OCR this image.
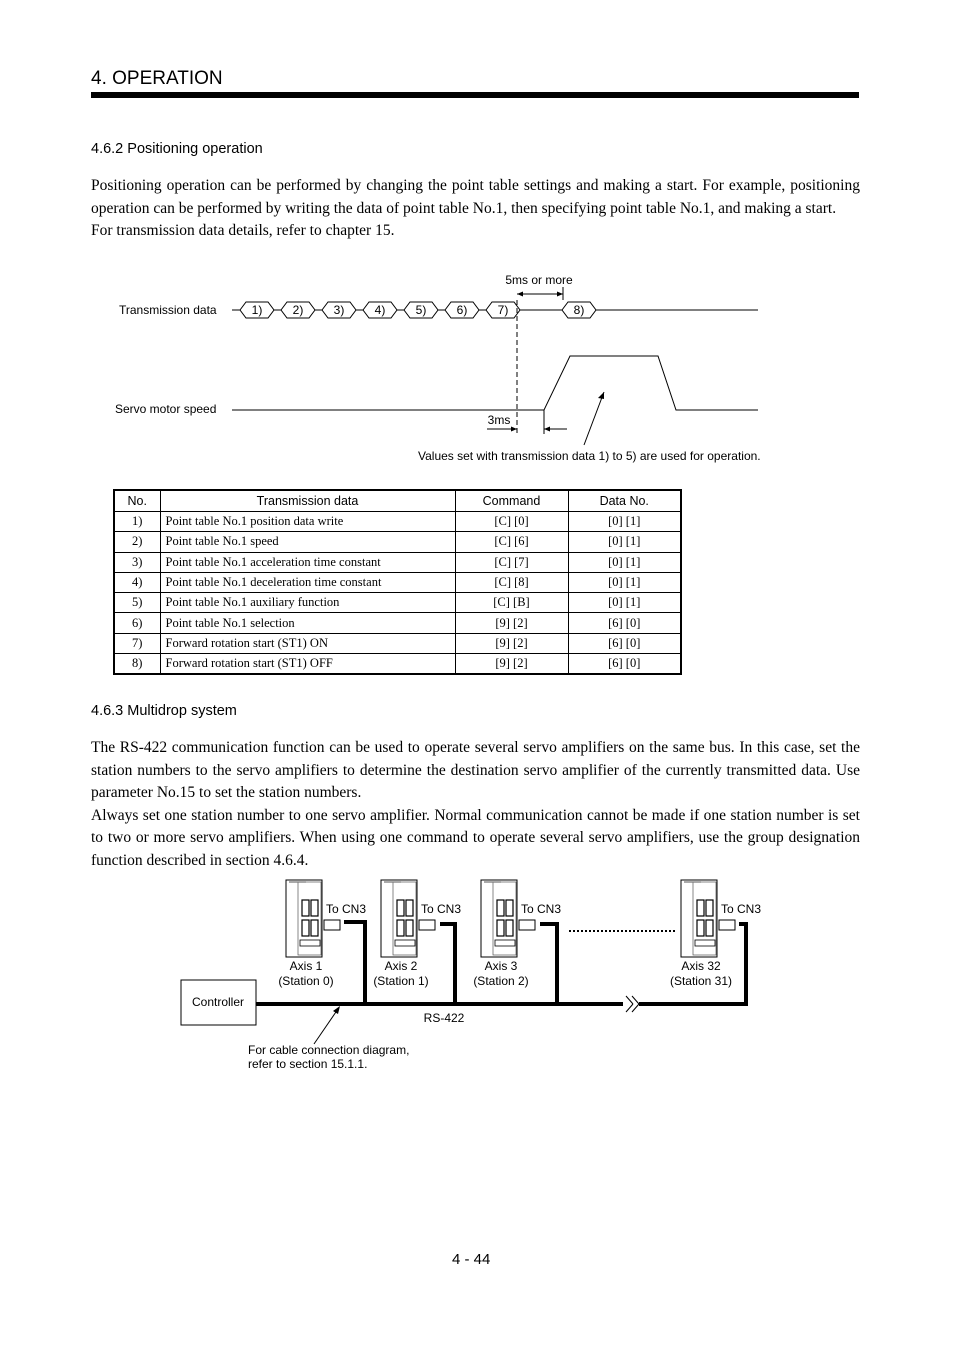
4. OPERATION
4.6.2 Positioning operation

Positioning operation can be performed by changing the point table settings and making a start. For example, positioning operation can be performed by writing the data of point table No.1, then specifying point table No.1, and making a start.

For transmission data details, refer to chapter 15.

5ms or more
Transmission data	1)	2)	3)	4)	5)	6)	7)	8)
Servo motor speed
3ms
Values set with transmission data 1) to 5) are used for operation.
No.	Transmission data	Command	Data No.
1)	Point table No.1 position data write	[C] [0]	[0] [1]
2)	Point table No.1 speed	[C] [6]	[0] [1]
3)	Point table No.1 acceleration time constant	[C] [7]	[0] [1]
4)	Point table No.1 deceleration time constant	[C] [8]	[0] [1]
5)	Point table No.1 auxiliary function	[C] [B]	[0] [1]
6)	Point table No.1 selection	[9] [2]	[6] [0]
7)	Forward rotation start (ST1) ON	[9] [2]	[6] [0]
8)	Forward rotation start (ST1) OFF	[9] [2]	[6] [0]
4.6.3 Multidrop system

The RS-422 communication function can be used to operate several servo amplifiers on the same bus. In this case, set the station numbers to the servo amplifiers to determine the destination servo amplifier of the currently transmitted data. Use parameter No.15 to set the station numbers.

Always set one station number to one servo amplifier. Normal communication cannot be made if one station number is set to two or more servo amplifiers. When using one command to operate several servo amplifiers, use the group designation function described in section 4.6.4.

Controller
RS-422
For cable connection diagram,
refer to section 15.1.1.
To CN3
Axis 1
(Station 0)
To CN3
Axis 2
(Station 1)
To CN3
Axis 3
(Station 2)
To CN3
Axis 32
(Station 31)
4 - 44
